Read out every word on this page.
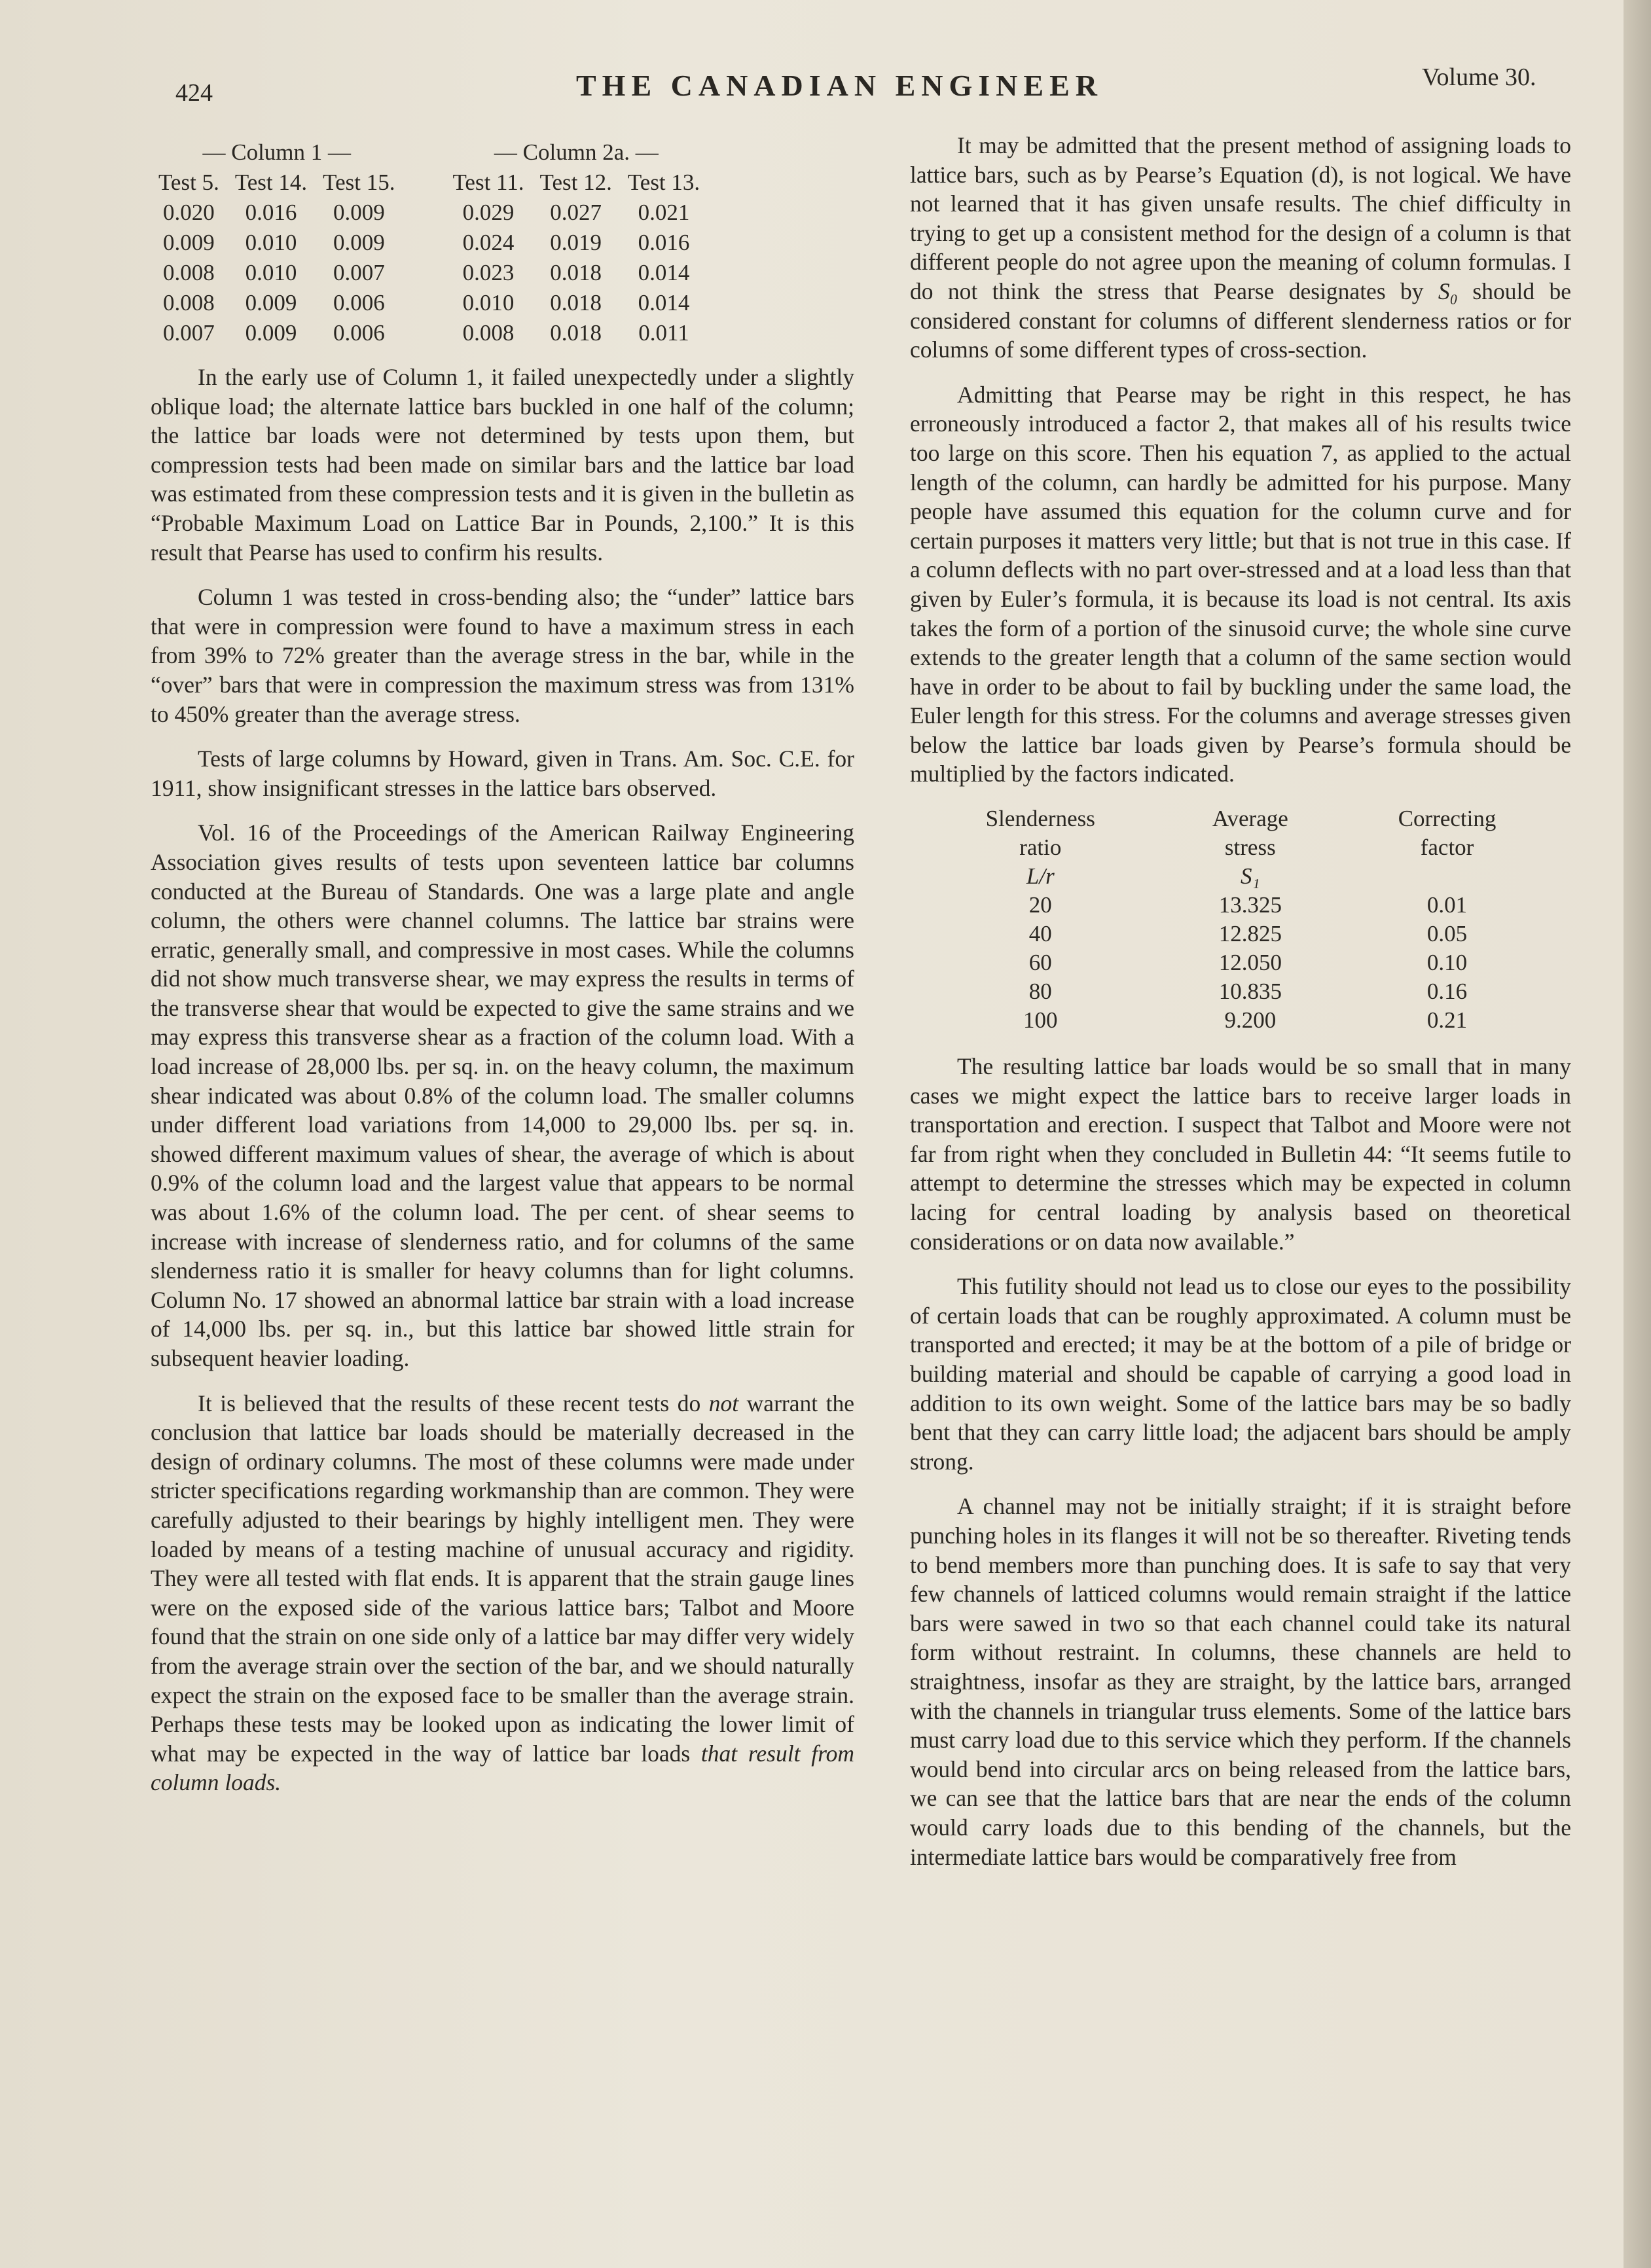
424	THE CANADIAN ENGINEER	Volume 30.
— Column 1 —				— Column 2a. —		
Test 5.	Test 14.	Test 15.		Test 11.	Test 12.	Test 13.
0.020	0.016	0.009		0.029	0.027	0.021
0.009	0.010	0.009		0.024	0.019	0.016
0.008	0.010	0.007		0.023	0.018	0.014
0.008	0.009	0.006		0.010	0.018	0.014
0.007	0.009	0.006		0.008	0.018	0.011

In the early use of Column 1, it failed unexpectedly under a slightly oblique load; the alternate lattice bars buckled in one half of the column; the lattice bar loads were not determined by tests upon them, but compression tests had been made on similar bars and the lattice bar load was estimated from these compression tests and it is given in the bulletin as “Probable Maximum Load on Lattice Bar in Pounds, 2,100.” It is this result that Pearse has used to confirm his results.

Column 1 was tested in cross-bending also; the “under” lattice bars that were in compression were found to have a maximum stress in each from 39% to 72% greater than the average stress in the bar, while in the “over” bars that were in compression the maximum stress was from 131% to 450% greater than the average stress.

Tests of large columns by Howard, given in Trans. Am. Soc. C.E. for 1911, show insignificant stresses in the lattice bars observed.

Vol. 16 of the Proceedings of the American Railway Engineering Association gives results of tests upon seventeen lattice bar columns conducted at the Bureau of Standards. One was a large plate and angle column, the others were channel columns. The lattice bar strains were erratic, generally small, and compressive in most cases. While the columns did not show much transverse shear, we may express the results in terms of the transverse shear that would be expected to give the same strains and we may express this transverse shear as a fraction of the column load. With a load increase of 28,000 lbs. per sq. in. on the heavy column, the maximum shear indicated was about 0.8% of the column load. The smaller columns under different load variations from 14,000 to 29,000 lbs. per sq. in. showed different maximum values of shear, the average of which is about 0.9% of the column load and the largest value that appears to be normal was about 1.6% of the column load. The per cent. of shear seems to increase with increase of slenderness ratio, and for columns of the same slenderness ratio it is smaller for heavy columns than for light columns. Column No. 17 showed an abnormal lattice bar strain with a load increase of 14,000 lbs. per sq. in., but this lattice bar showed little strain for subsequent heavier loading.

It is believed that the results of these recent tests do not warrant the conclusion that lattice bar loads should be materially decreased in the design of ordinary columns. The most of these columns were made under stricter specifications regarding workmanship than are common. They were carefully adjusted to their bearings by highly intelligent men. They were loaded by means of a testing machine of unusual accuracy and rigidity. They were all tested with flat ends. It is apparent that the strain gauge lines were on the exposed side of the various lattice bars; Talbot and Moore found that the strain on one side only of a lattice bar may differ very widely from the average strain over the section of the bar, and we should naturally expect the strain on the exposed face to be smaller than the average strain. Perhaps these tests may be looked upon as indicating the lower limit of what may be expected in the way of lattice bar loads that result from column loads.

It may be admitted that the present method of assigning loads to lattice bars, such as by Pearse’s Equation (d), is not logical. We have not learned that it has given unsafe results. The chief difficulty in trying to get up a consistent method for the design of a column is that different people do not agree upon the meaning of column formulas. I do not think the stress that Pearse designates by S₀ should be considered constant for columns of different slenderness ratios or for columns of some different types of cross-section.

Admitting that Pearse may be right in this respect, he has erroneously introduced a factor 2, that makes all of his results twice too large on this score. Then his equation 7, as applied to the actual length of the column, can hardly be admitted for his purpose. Many people have assumed this equation for the column curve and for certain purposes it matters very little; but that is not true in this case. If a column deflects with no part over-stressed and at a load less than that given by Euler’s formula, it is because its load is not central. Its axis takes the form of a portion of the sinusoid curve; the whole sine curve extends to the greater length that a column of the same section would have in order to be about to fail by buckling under the same load, the Euler length for this stress. For the columns and average stresses given below the lattice bar loads given by Pearse’s formula should be multiplied by the factors indicated.

Slenderness	Average	Correcting
ratio	stress	factor
L/r	S₁	
20	13.325	0.01
40	12.825	0.05
60	12.050	0.10
80	10.835	0.16
100	9.200	0.21

The resulting lattice bar loads would be so small that in many cases we might expect the lattice bars to receive larger loads in transportation and erection. I suspect that Talbot and Moore were not far from right when they concluded in Bulletin 44: “It seems futile to attempt to determine the stresses which may be expected in column lacing for central loading by analysis based on theoretical considerations or on data now available.”

This futility should not lead us to close our eyes to the possibility of certain loads that can be roughly approximated. A column must be transported and erected; it may be at the bottom of a pile of bridge or building material and should be capable of carrying a good load in addition to its own weight. Some of the lattice bars may be so badly bent that they can carry little load; the adjacent bars should be amply strong.

A channel may not be initially straight; if it is straight before punching holes in its flanges it will not be so thereafter. Riveting tends to bend members more than punching does. It is safe to say that very few channels of latticed columns would remain straight if the lattice bars were sawed in two so that each channel could take its natural form without restraint. In columns, these channels are held to straightness, insofar as they are straight, by the lattice bars, arranged with the channels in triangular truss elements. Some of the lattice bars must carry load due to this service which they perform. If the channels would bend into circular arcs on being released from the lattice bars, we can see that the lattice bars that are near the ends of the column would carry loads due to this bending of the channels, but the intermediate lattice bars would be comparatively free from
